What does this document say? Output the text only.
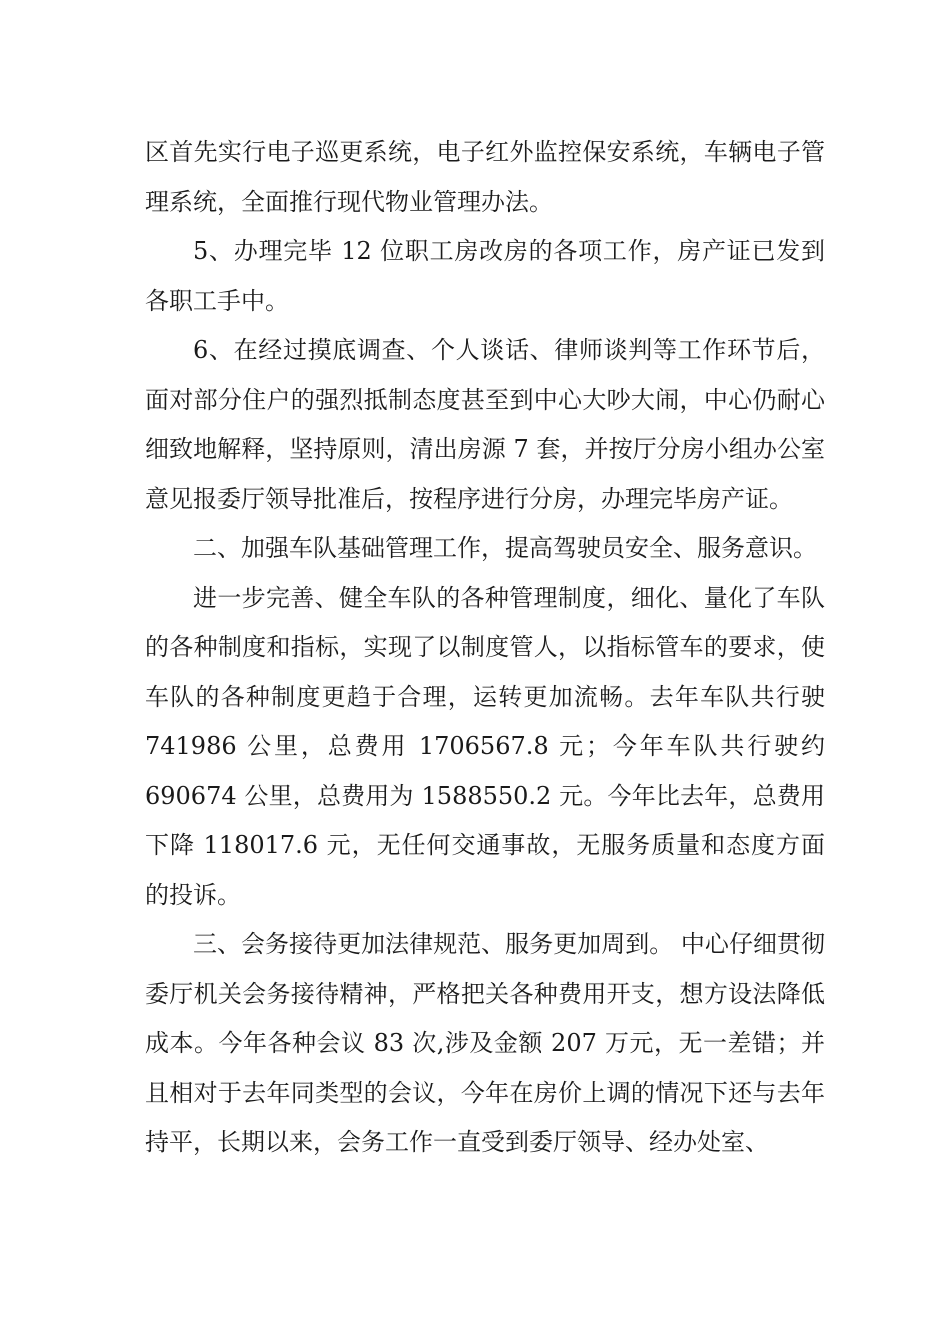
区首先实行电子巡更系统，电子红外监控保安系统，车辆电子管理系统，全面推行现代物业管理办法。

5、办理完毕 12 位职工房改房的各项工作，房产证已发到各职工手中。

6、在经过摸底调查、个人谈话、律师谈判等工作环节后，面对部分住户的强烈抵制态度甚至到中心大吵大闹，中心仍耐心细致地解释，坚持原则，清出房源 7 套，并按厅分房小组办公室意见报委厅领导批准后，按程序进行分房，办理完毕房产证。

二、加强车队基础管理工作，提高驾驶员安全、服务意识。

进一步完善、健全车队的各种管理制度，细化、量化了车队的各种制度和指标，实现了以制度管人，以指标管车的要求，使车队的各种制度更趋于合理，运转更加流畅。去年车队共行驶 741986 公里，总费用 1706567.8 元；今年车队共行驶约 690674 公里，总费用为 1588550.2 元。今年比去年，总费用下降 118017.6 元，无任何交通事故，无服务质量和态度方面的投诉。

三、会务接待更加法律规范、服务更加周到。 中心仔细贯彻委厅机关会务接待精神，严格把关各种费用开支，想方设法降低成本。今年各种会议 83 次,涉及金额 207 万元，无一差错；并且相对于去年同类型的会议，今年在房价上调的情况下还与去年持平，长期以来，会务工作一直受到委厅领导、经办处室、
